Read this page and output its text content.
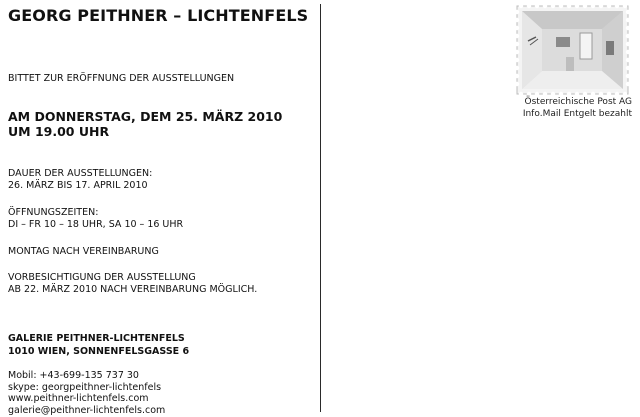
GEORG PEITHNER – LICHTENFELS
BITTET ZUR ERÖFFNUNG DER AUSSTELLUNGEN
AM DONNERSTAG, DEM 25. MÄRZ 2010
UM 19.00 UHR
DAUER DER AUSSTELLUNGEN:
26. MÄRZ BIS 17. APRIL 2010
ÖFFNUNGSZEITEN:
DI – FR 10 – 18 UHR, SA 10 – 16 UHR
MONTAG NACH VEREINBARUNG
VORBESICHTIGUNG DER AUSSTELLUNG
AB 22. MÄRZ 2010 NACH VEREINBARUNG MÖGLICH.
GALERIE PEITHNER-LICHTENFELS
1010 WIEN, SONNENFELSGASSE 6
Mobil: +43-699-135 737 30
skype: georgpeithner-lichtenfels
www.peithner-lichtenfels.com
galerie@peithner-lichtenfels.com
Österreichische Post AG
Info.Mail Entgelt bezahlt
